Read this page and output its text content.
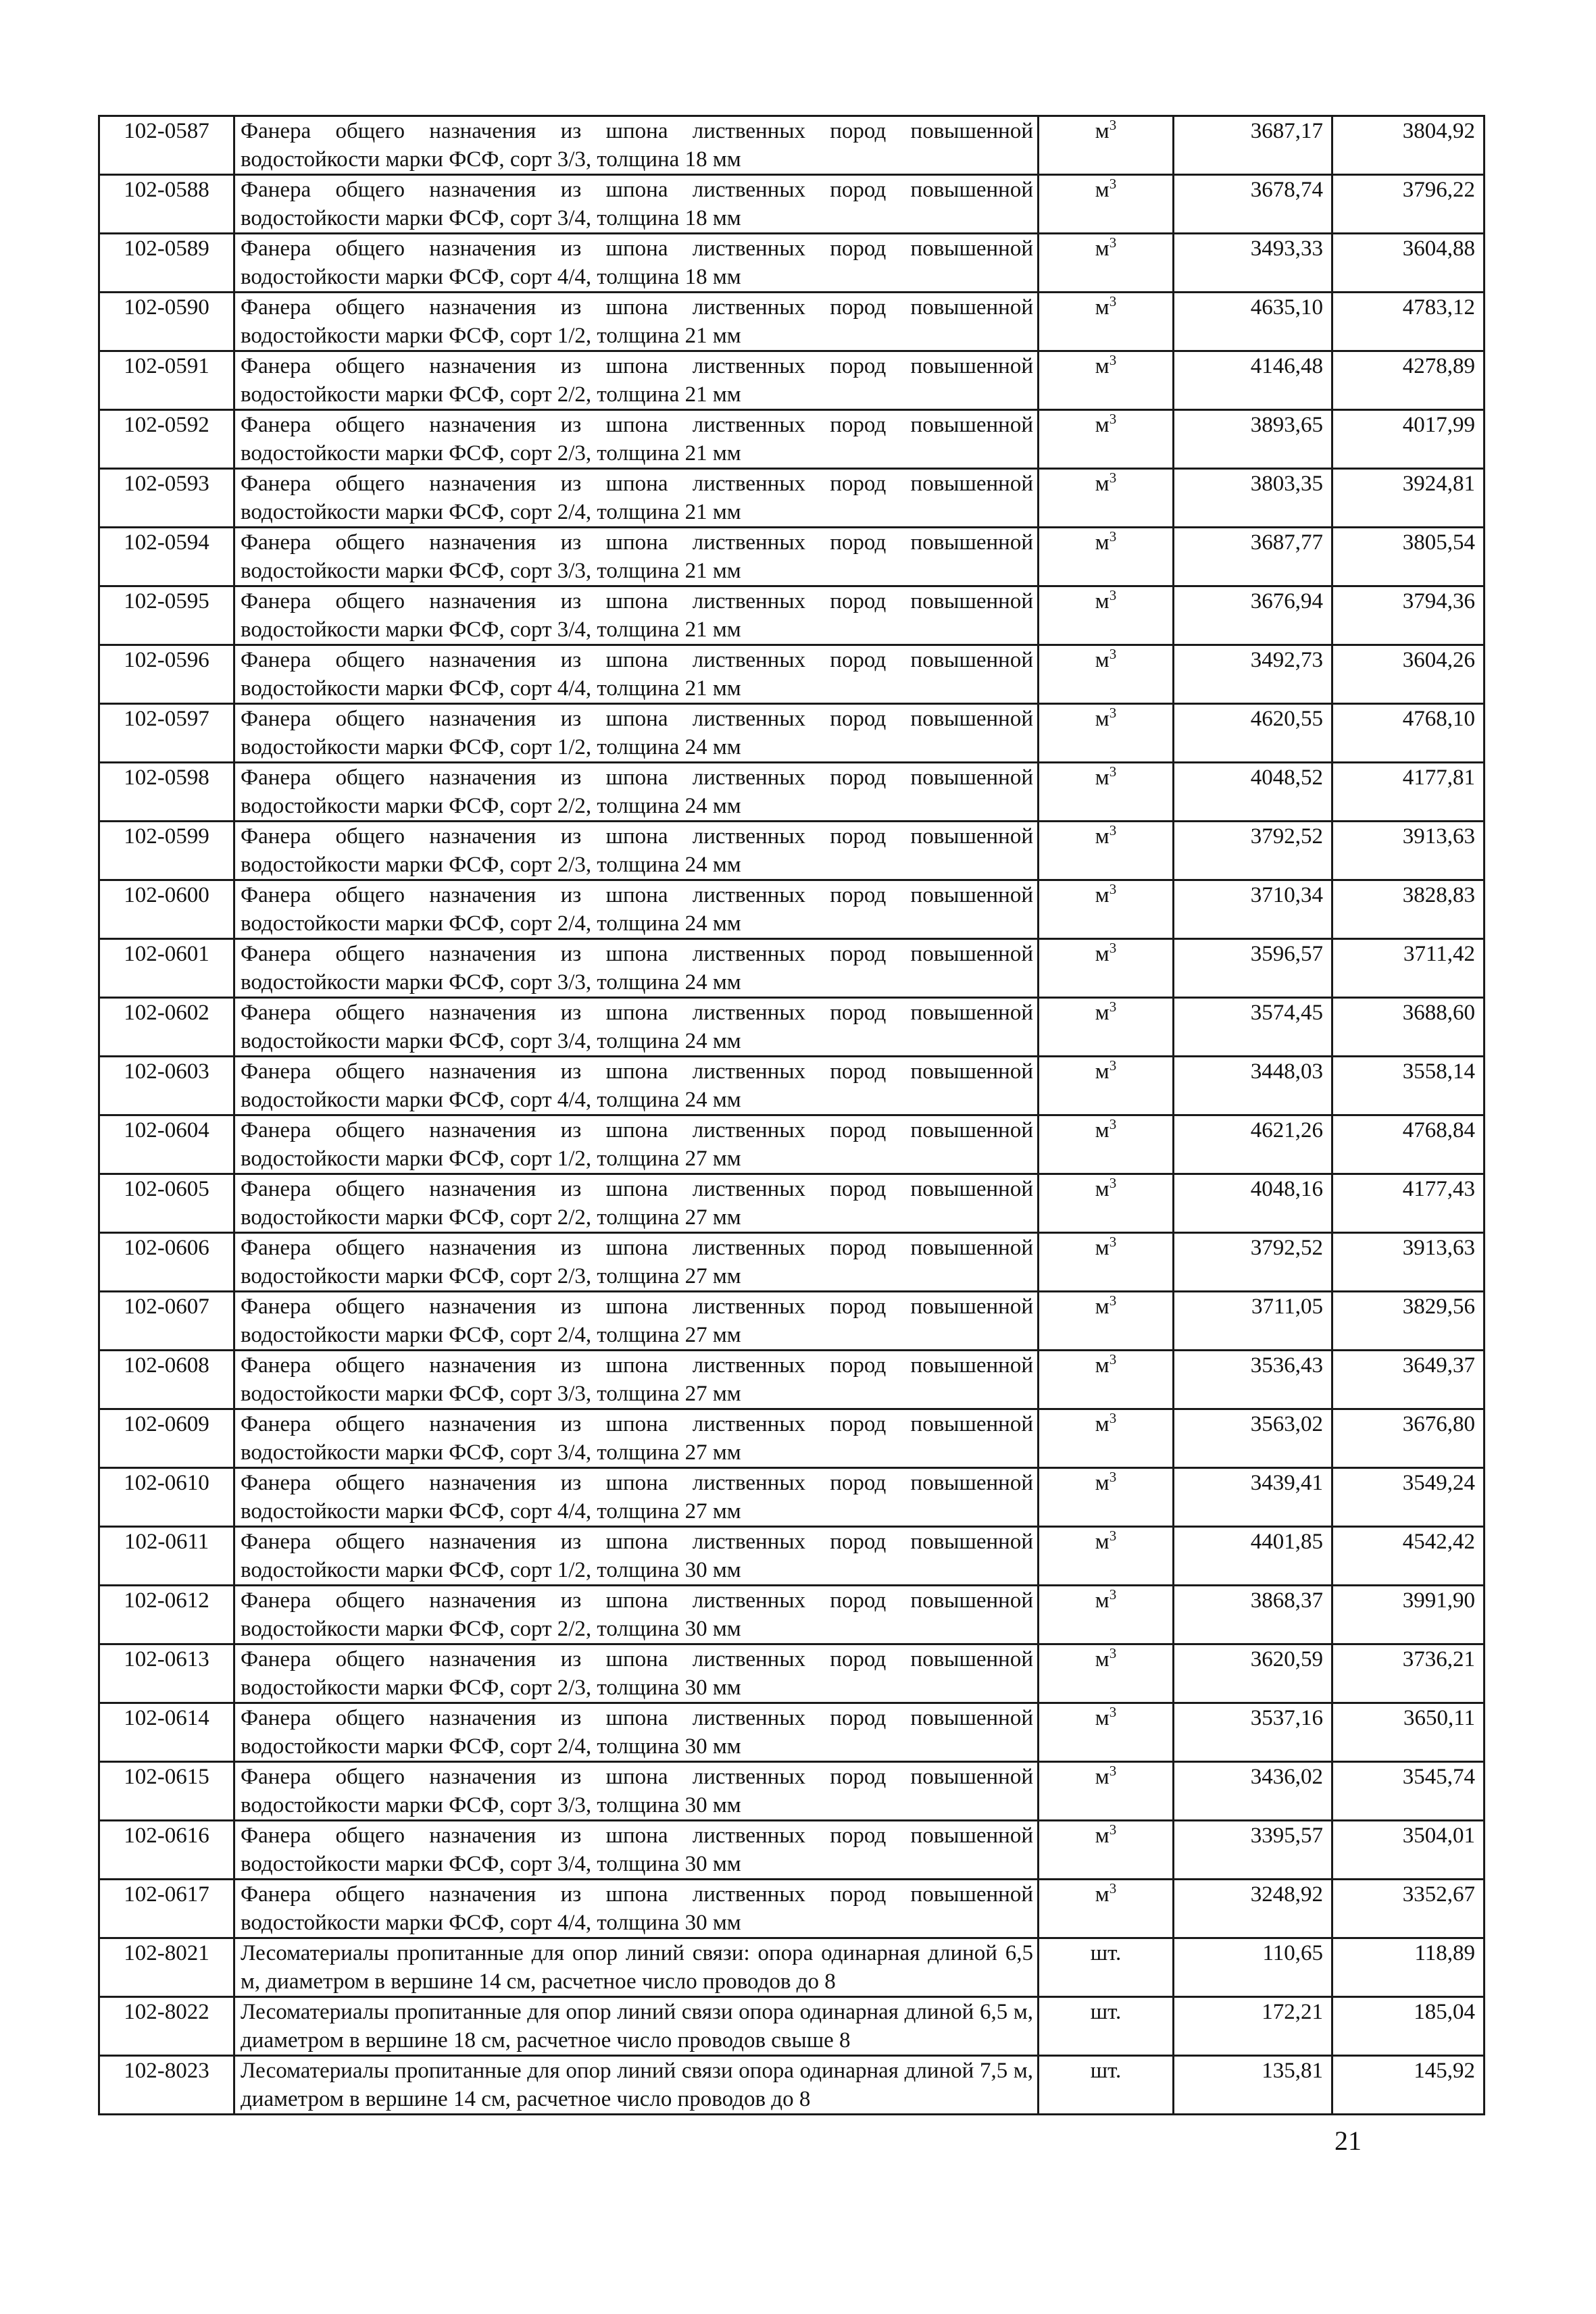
102-0587	Фанера общего назначения из шпона лиственных пород повышенной водостойкости марки ФСФ, сорт 3/3, толщина 18 мм	$м^3$	3687,17	3804,92
102-0588	Фанера общего назначения из шпона лиственных пород повышенной водостойкости марки ФСФ, сорт 3/4, толщина 18 мм	$м^3$	3678,74	3796,22
102-0589	Фанера общего назначения из шпона лиственных пород повышенной водостойкости марки ФСФ, сорт 4/4, толщина 18 мм	$м^3$	3493,33	3604,88
102-0590	Фанера общего назначения из шпона лиственных пород повышенной водостойкости марки ФСФ, сорт 1/2, толщина 21 мм	$м^3$	4635,10	4783,12
102-0591	Фанера общего назначения из шпона лиственных пород повышенной водостойкости марки ФСФ, сорт 2/2, толщина 21 мм	$м^3$	4146,48	4278,89
102-0592	Фанера общего назначения из шпона лиственных пород повышенной водостойкости марки ФСФ, сорт 2/3, толщина 21 мм	$м^3$	3893,65	4017,99
102-0593	Фанера общего назначения из шпона лиственных пород повышенной водостойкости марки ФСФ, сорт 2/4, толщина 21 мм	$м^3$	3803,35	3924,81
102-0594	Фанера общего назначения из шпона лиственных пород повышенной водостойкости марки ФСФ, сорт 3/3, толщина 21 мм	$м^3$	3687,77	3805,54
102-0595	Фанера общего назначения из шпона лиственных пород повышенной водостойкости марки ФСФ, сорт 3/4, толщина 21 мм	$м^3$	3676,94	3794,36
102-0596	Фанера общего назначения из шпона лиственных пород повышенной водостойкости марки ФСФ, сорт 4/4, толщина 21 мм	$м^3$	3492,73	3604,26
102-0597	Фанера общего назначения из шпона лиственных пород повышенной водостойкости марки ФСФ, сорт 1/2, толщина 24 мм	$м^3$	4620,55	4768,10
102-0598	Фанера общего назначения из шпона лиственных пород повышенной водостойкости марки ФСФ, сорт 2/2, толщина 24 мм	$м^3$	4048,52	4177,81
102-0599	Фанера общего назначения из шпона лиственных пород повышенной водостойкости марки ФСФ, сорт 2/3, толщина 24 мм	$м^3$	3792,52	3913,63
102-0600	Фанера общего назначения из шпона лиственных пород повышенной водостойкости марки ФСФ, сорт 2/4, толщина 24 мм	$м^3$	3710,34	3828,83
102-0601	Фанера общего назначения из шпона лиственных пород повышенной водостойкости марки ФСФ, сорт 3/3, толщина 24 мм	$м^3$	3596,57	3711,42
102-0602	Фанера общего назначения из шпона лиственных пород повышенной водостойкости марки ФСФ, сорт 3/4, толщина 24 мм	$м^3$	3574,45	3688,60
102-0603	Фанера общего назначения из шпона лиственных пород повышенной водостойкости марки ФСФ, сорт 4/4, толщина 24 мм	$м^3$	3448,03	3558,14
102-0604	Фанера общего назначения из шпона лиственных пород повышенной водостойкости марки ФСФ, сорт 1/2, толщина 27 мм	$м^3$	4621,26	4768,84
102-0605	Фанера общего назначения из шпона лиственных пород повышенной водостойкости марки ФСФ, сорт 2/2, толщина 27 мм	$м^3$	4048,16	4177,43
102-0606	Фанера общего назначения из шпона лиственных пород повышенной водостойкости марки ФСФ, сорт 2/3, толщина 27 мм	$м^3$	3792,52	3913,63
102-0607	Фанера общего назначения из шпона лиственных пород повышенной водостойкости марки ФСФ, сорт 2/4, толщина 27 мм	$м^3$	3711,05	3829,56
102-0608	Фанера общего назначения из шпона лиственных пород повышенной водостойкости марки ФСФ, сорт 3/3, толщина 27 мм	$м^3$	3536,43	3649,37
102-0609	Фанера общего назначения из шпона лиственных пород повышенной водостойкости марки ФСФ, сорт 3/4, толщина 27 мм	$м^3$	3563,02	3676,80
102-0610	Фанера общего назначения из шпона лиственных пород повышенной водостойкости марки ФСФ, сорт 4/4, толщина 27 мм	$м^3$	3439,41	3549,24
102-0611	Фанера общего назначения из шпона лиственных пород повышенной водостойкости марки ФСФ, сорт 1/2, толщина 30 мм	$м^3$	4401,85	4542,42
102-0612	Фанера общего назначения из шпона лиственных пород повышенной водостойкости марки ФСФ, сорт 2/2, толщина 30 мм	$м^3$	3868,37	3991,90
102-0613	Фанера общего назначения из шпона лиственных пород повышенной водостойкости марки ФСФ, сорт 2/3, толщина 30 мм	$м^3$	3620,59	3736,21
102-0614	Фанера общего назначения из шпона лиственных пород повышенной водостойкости марки ФСФ, сорт 2/4, толщина 30 мм	$м^3$	3537,16	3650,11
102-0615	Фанера общего назначения из шпона лиственных пород повышенной водостойкости марки ФСФ, сорт 3/3, толщина 30 мм	$м^3$	3436,02	3545,74
102-0616	Фанера общего назначения из шпона лиственных пород повышенной водостойкости марки ФСФ, сорт 3/4, толщина 30 мм	$м^3$	3395,57	3504,01
102-0617	Фанера общего назначения из шпона лиственных пород повышенной водостойкости марки ФСФ, сорт 4/4, толщина 30 мм	$м^3$	3248,92	3352,67
102-8021	Лесоматериалы пропитанные для опор линий связи: опора одинарная длиной 6,5 м, диаметром в вершине 14 см, расчетное число проводов до 8	шт.	110,65	118,89
102-8022	Лесоматериалы пропитанные для опор линий связи опора одинарная длиной 6,5 м, диаметром в вершине 18 см, расчетное число проводов свыше 8	шт.	172,21	185,04
102-8023	Лесоматериалы пропитанные для опор линий связи опора одинарная длиной 7,5 м, диаметром в вершине 14 см, расчетное число проводов до 8	шт.	135,81	145,92
21
